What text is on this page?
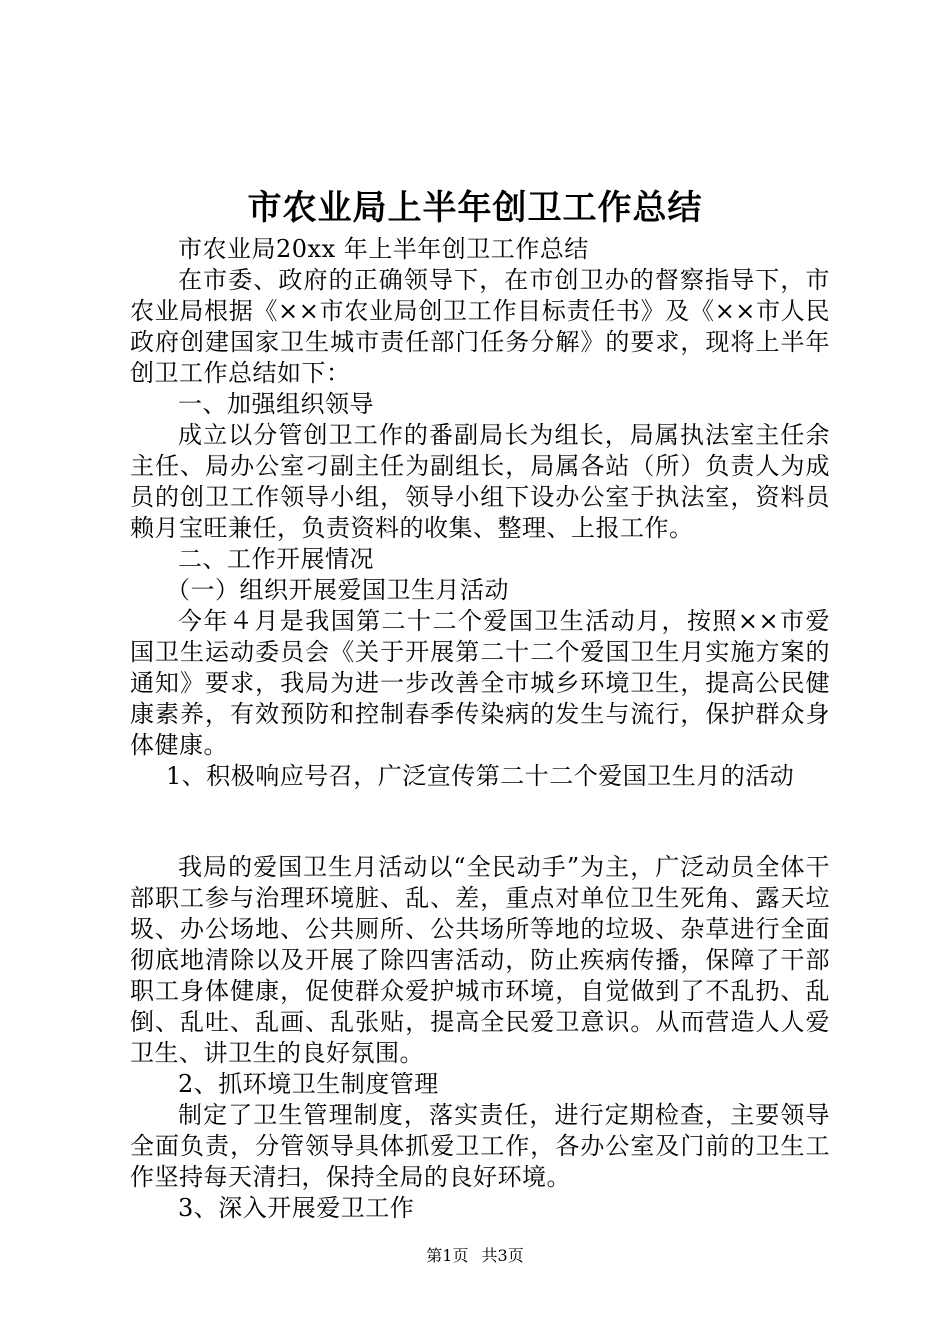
市农业局上半年创卫工作总结

市农业局20xx 年上半年创卫工作总结

在市委、政府的正确领导下，在市创卫办的督察指导下，市农业局根据《××市农业局创卫工作目标责任书》及《××市人民政府创建国家卫生城市责任部门任务分解》的要求，现将上半年创卫工作总结如下：

一、加强组织领导

成立以分管创卫工作的番副局长为组长，局属执法室主任余主任、局办公室刁副主任为副组长，局属各站（所）负责人为成员的创卫工作领导小组，领导小组下设办公室于执法室，资料员赖月宝旺兼任，负责资料的收集、整理、上报工作。

二、工作开展情况

（一）组织开展爱国卫生月活动

今年４月是我国第二十二个爱国卫生活动月，按照××市爱国卫生运动委员会《关于开展第二十二个爱国卫生月实施方案的通知》要求，我局为进一步改善全市城乡环境卫生，提高公民健康素养，有效预防和控制春季传染病的发生与流行，保护群众身体健康。

1、积极响应号召，广泛宣传第二十二个爱国卫生月的活动

我局的爱国卫生月活动以“全民动手”为主，广泛动员全体干部职工参与治理环境脏、乱、差，重点对单位卫生死角、露天垃圾、办公场地、公共厕所、公共场所等地的垃圾、杂草进行全面彻底地清除以及开展了除四害活动，防止疾病传播，保障了干部职工身体健康，促使群众爱护城市环境，自觉做到了不乱扔、乱倒、乱吐、乱画、乱张贴，提高全民爱卫意识。从而营造人人爱卫生、讲卫生的良好氛围。

2、抓环境卫生制度管理

制定了卫生管理制度，落实责任，进行定期检查，主要领导全面负责，分管领导具体抓爱卫工作，各办公室及门前的卫生工作坚持每天清扫，保持全局的良好环境。

3、深入开展爱卫工作

第1页 共3页
